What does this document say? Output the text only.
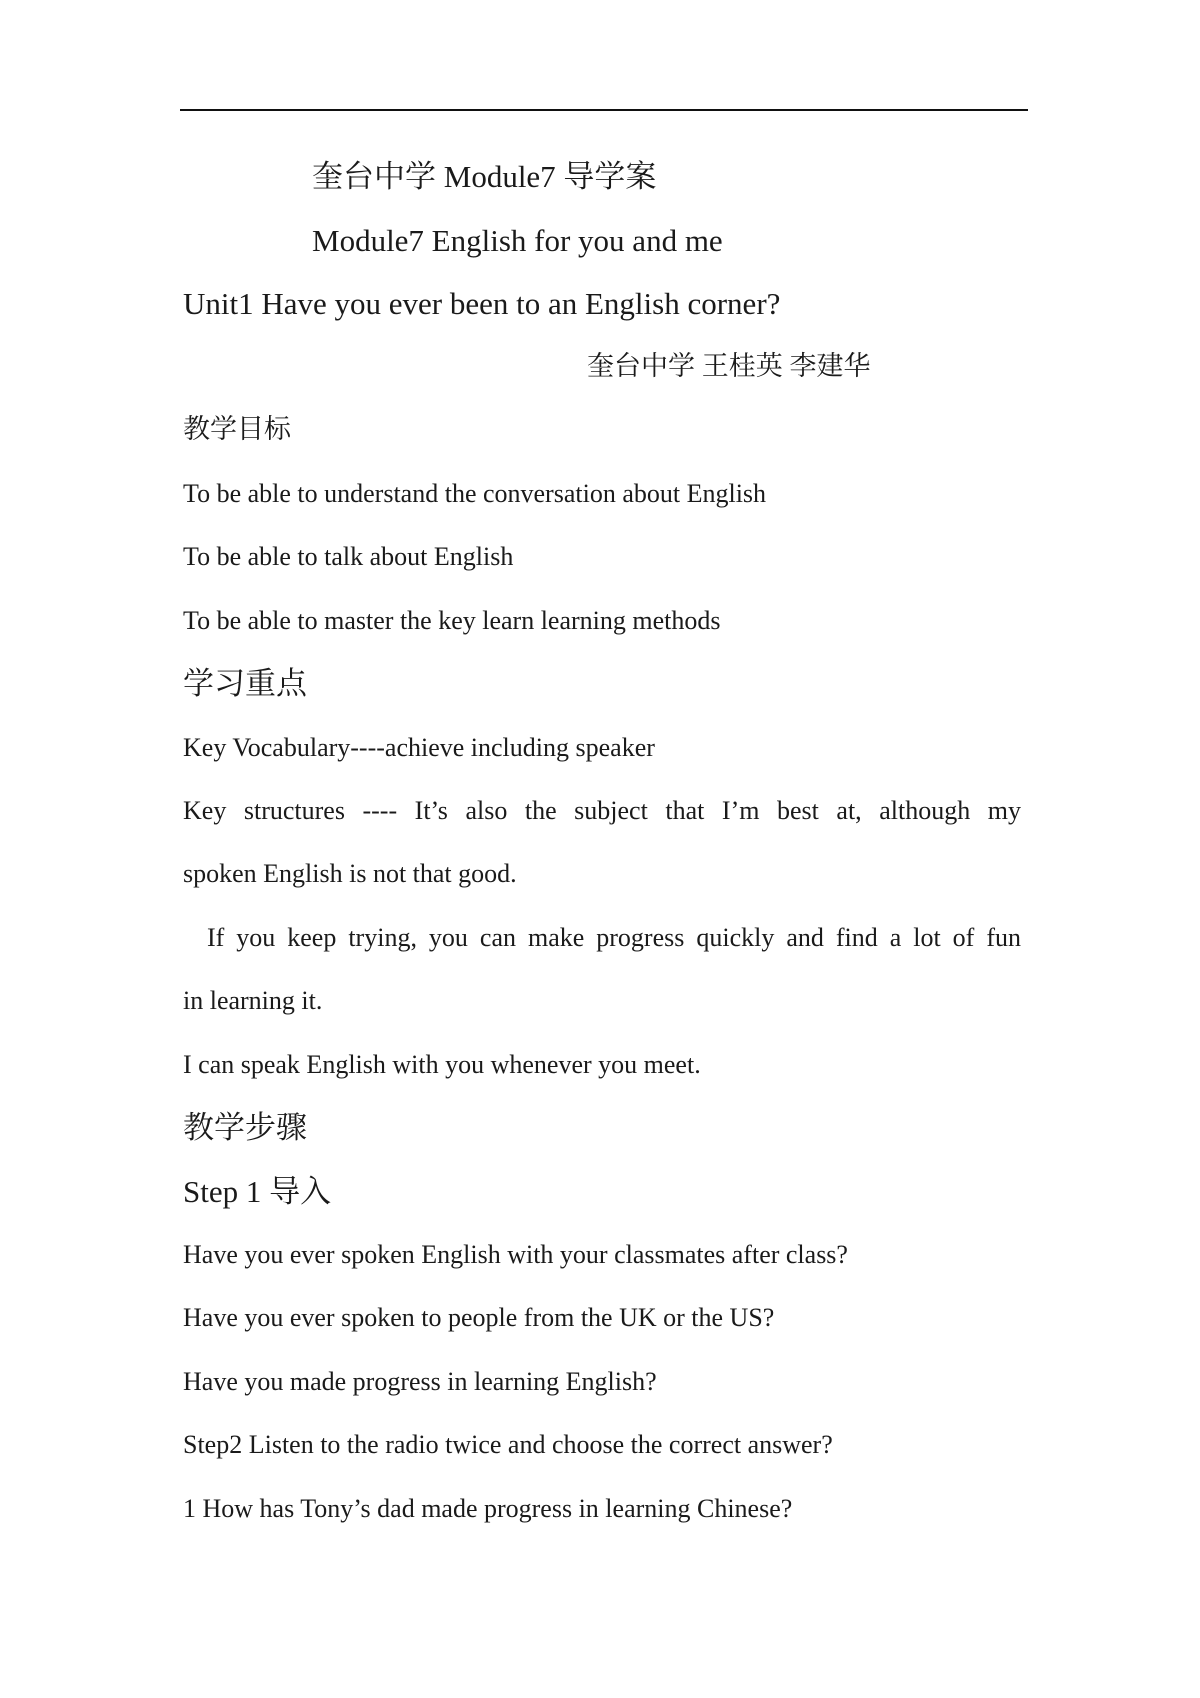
奎台中学 Module7 导学案
Module7 English for you and me
Unit1 Have you ever been to an English corner?
奎台中学 王桂英 李建华
教学目标
To be able to understand the conversation about English
To be able to talk about English
To be able to master the key learn learning methods
学习重点
Key Vocabulary----achieve including speaker
Key structures ---- It’s also the subject that I’m best at, although my
spoken English is not that good.
If you keep trying, you can make progress quickly and find a lot of fun
in learning it.
I can speak English with you whenever you meet.
教学步骤
Step 1 导入
Have you ever spoken English with your classmates after class?
Have you ever spoken to people from the UK or the US?
Have you made progress in learning English?
Step2 Listen to the radio twice and choose the correct answer?
1 How has Tony’s dad made progress in learning Chinese?
